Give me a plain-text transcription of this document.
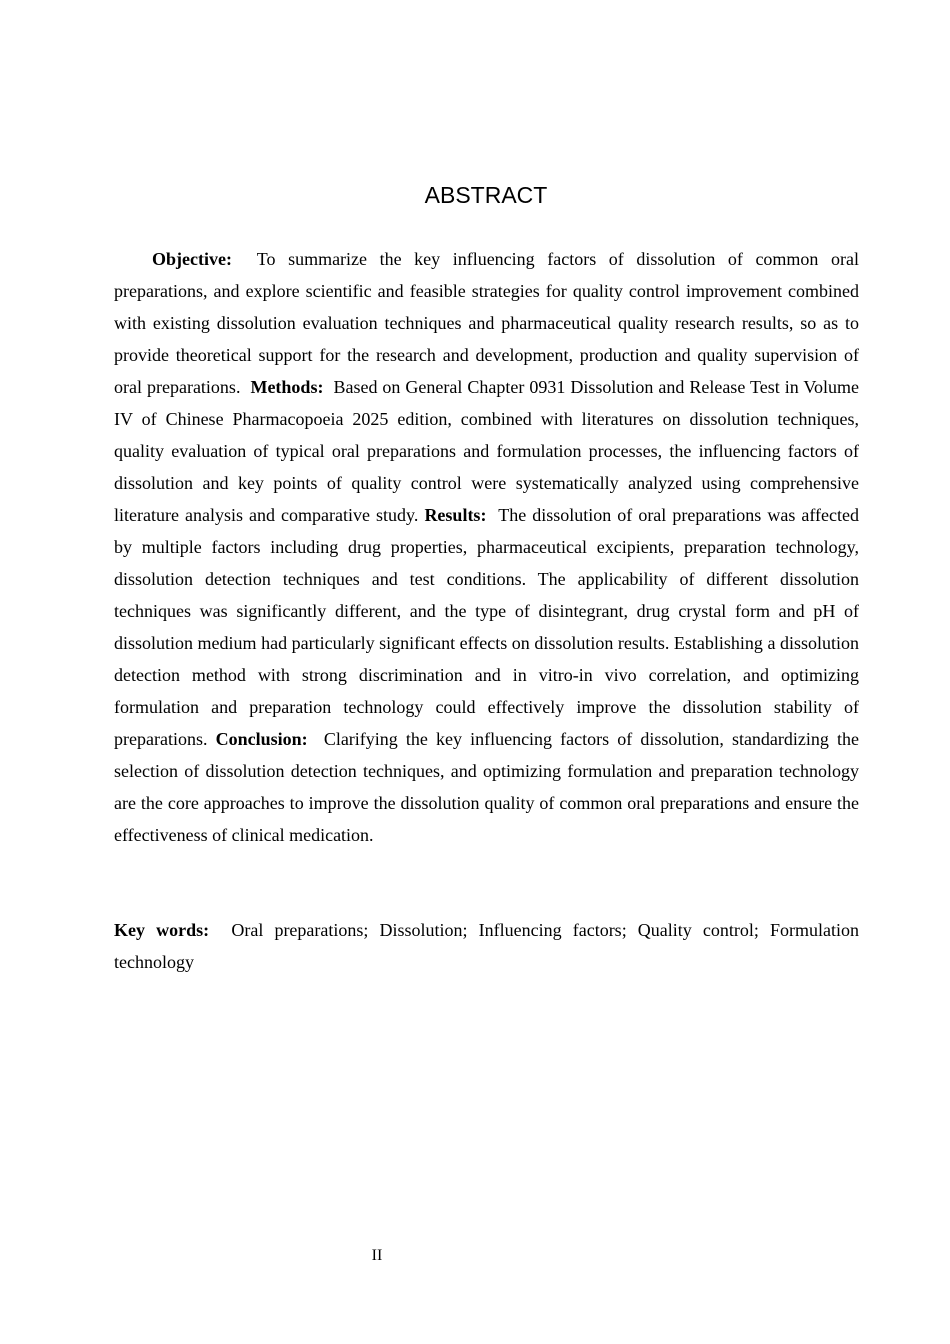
ABSTRACT

Objective: To summarize the key influencing factors of dissolution of common oral preparations, and explore scientific and feasible strategies for quality control improvement combined with existing dissolution evaluation techniques and pharmaceutical quality research results, so as to provide theoretical support for the research and development, production and quality supervision of oral preparations. Methods: Based on General Chapter 0931 Dissolution and Release Test in Volume IV of Chinese Pharmacopoeia 2025 edition, combined with literatures on dissolution techniques, quality evaluation of typical oral preparations and formulation processes, the influencing factors of dissolution and key points of quality control were systematically analyzed using comprehensive literature analysis and comparative study. Results: The dissolution of oral preparations was affected by multiple factors including drug properties, pharmaceutical excipients, preparation technology, dissolution detection techniques and test conditions. The applicability of different dissolution techniques was significantly different, and the type of disintegrant, drug crystal form and pH of dissolution medium had particularly significant effects on dissolution results. Establishing a dissolution detection method with strong discrimination and in vitro-in vivo correlation, and optimizing formulation and preparation technology could effectively improve the dissolution stability of preparations. Conclusion: Clarifying the key influencing factors of dissolution, standardizing the selection of dissolution detection techniques, and optimizing formulation and preparation technology are the core approaches to improve the dissolution quality of common oral preparations and ensure the effectiveness of clinical medication.

Key words: Oral preparations; Dissolution; Influencing factors; Quality control; Formulation technology

II
